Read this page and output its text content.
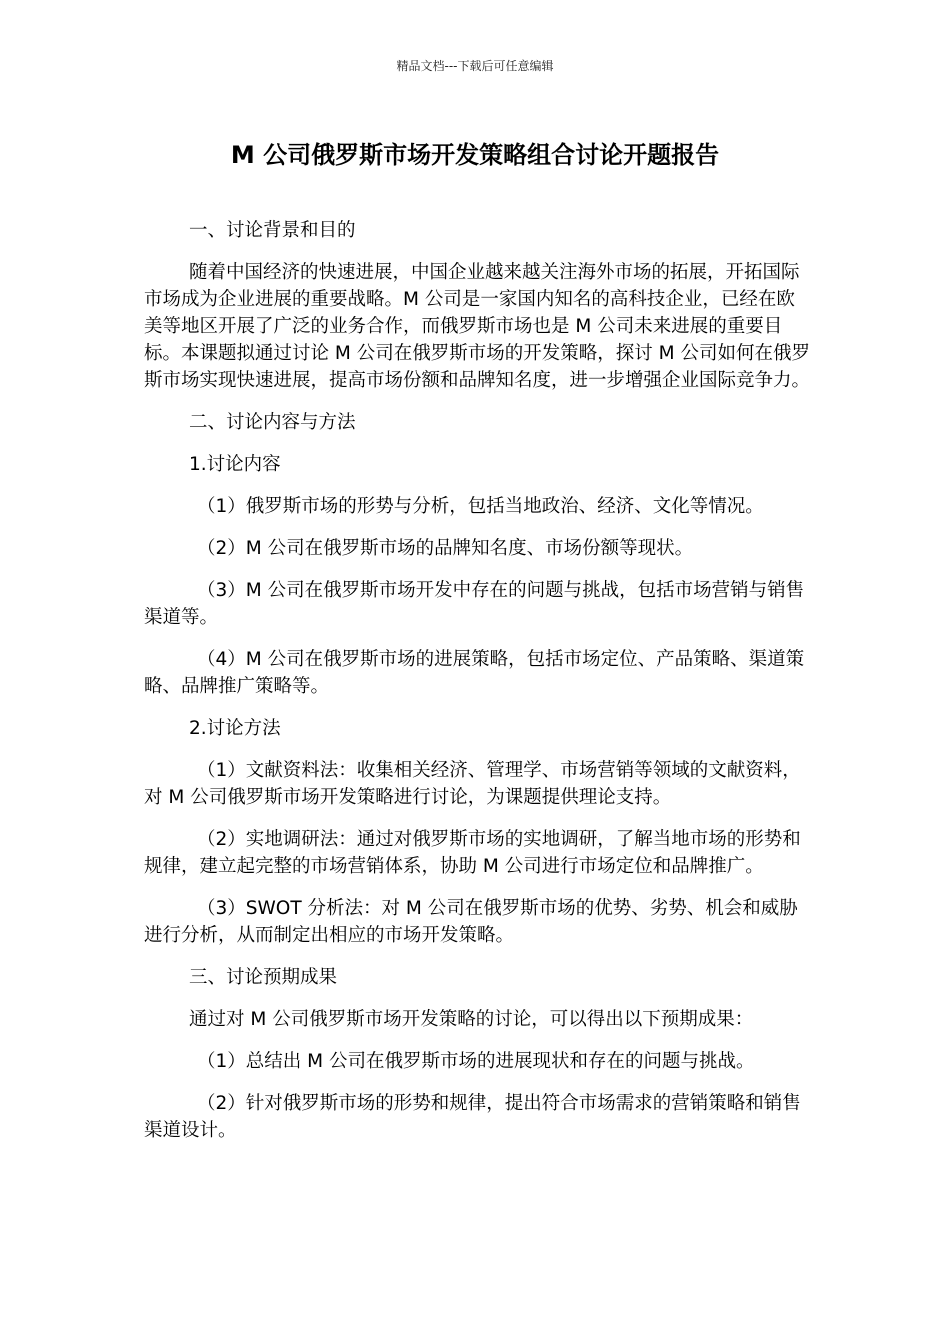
精品文档---下载后可任意编辑
M 公司俄罗斯市场开发策略组合讨论开题报告

一、讨论背景和目的

随着中国经济的快速进展，中国企业越来越关注海外市场的拓展，开拓国际市场成为企业进展的重要战略。M 公司是一家国内知名的高科技企业，已经在欧美等地区开展了广泛的业务合作，而俄罗斯市场也是 M 公司未来进展的重要目标。本课题拟通过讨论 M 公司在俄罗斯市场的开发策略，探讨 M 公司如何在俄罗斯市场实现快速进展，提高市场份额和品牌知名度，进一步增强企业国际竞争力。

二、讨论内容与方法

1.讨论内容

（1）俄罗斯市场的形势与分析，包括当地政治、经济、文化等情况。

（2）M 公司在俄罗斯市场的品牌知名度、市场份额等现状。

（3）M 公司在俄罗斯市场开发中存在的问题与挑战，包括市场营销与销售渠道等。

（4）M 公司在俄罗斯市场的进展策略，包括市场定位、产品策略、渠道策略、品牌推广策略等。

2.讨论方法

（1）文献资料法：收集相关经济、管理学、市场营销等领域的文献资料，对 M 公司俄罗斯市场开发策略进行讨论，为课题提供理论支持。

（2）实地调研法：通过对俄罗斯市场的实地调研，了解当地市场的形势和规律，建立起完整的市场营销体系，协助 M 公司进行市场定位和品牌推广。

（3）SWOT 分析法：对 M 公司在俄罗斯市场的优势、劣势、机会和威胁进行分析，从而制定出相应的市场开发策略。

三、讨论预期成果

通过对 M 公司俄罗斯市场开发策略的讨论，可以得出以下预期成果：

（1）总结出 M 公司在俄罗斯市场的进展现状和存在的问题与挑战。

（2）针对俄罗斯市场的形势和规律，提出符合市场需求的营销策略和销售渠道设计。
